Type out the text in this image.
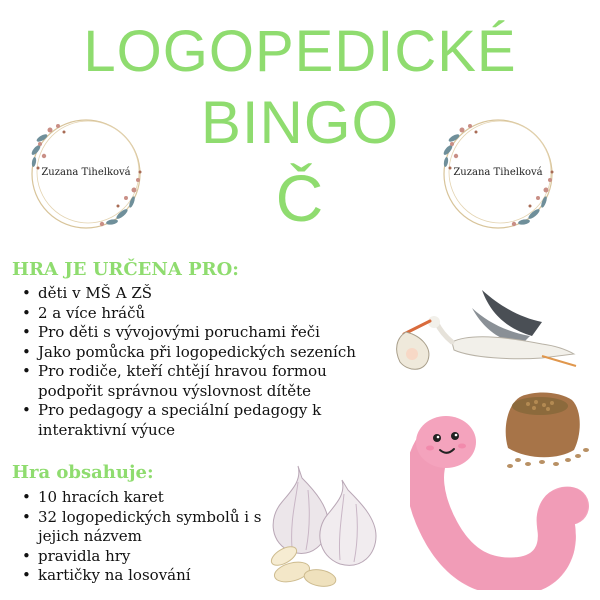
LOGOPEDICKÉ
BINGO
Č
Zuzana Tihelková	Zuzana Tihelková
HRA JE URČENA PRO:
• děti v MŠ A ZŠ
• 2 a více hráčů
• Pro děti s vývojovými poruchami řeči
• Jako pomůcka při logopedických sezeních
• Pro rodiče, kteří chtějí hravou formou podpořit správnou výslovnost dítěte
• Pro pedagogy a speciální pedagogy k interaktivní výuce
Hra obsahuje:
• 10 hracích karet
• 32 logopedických symbolů i s jejich názvem
• pravidla hry
• kartičky na losování
